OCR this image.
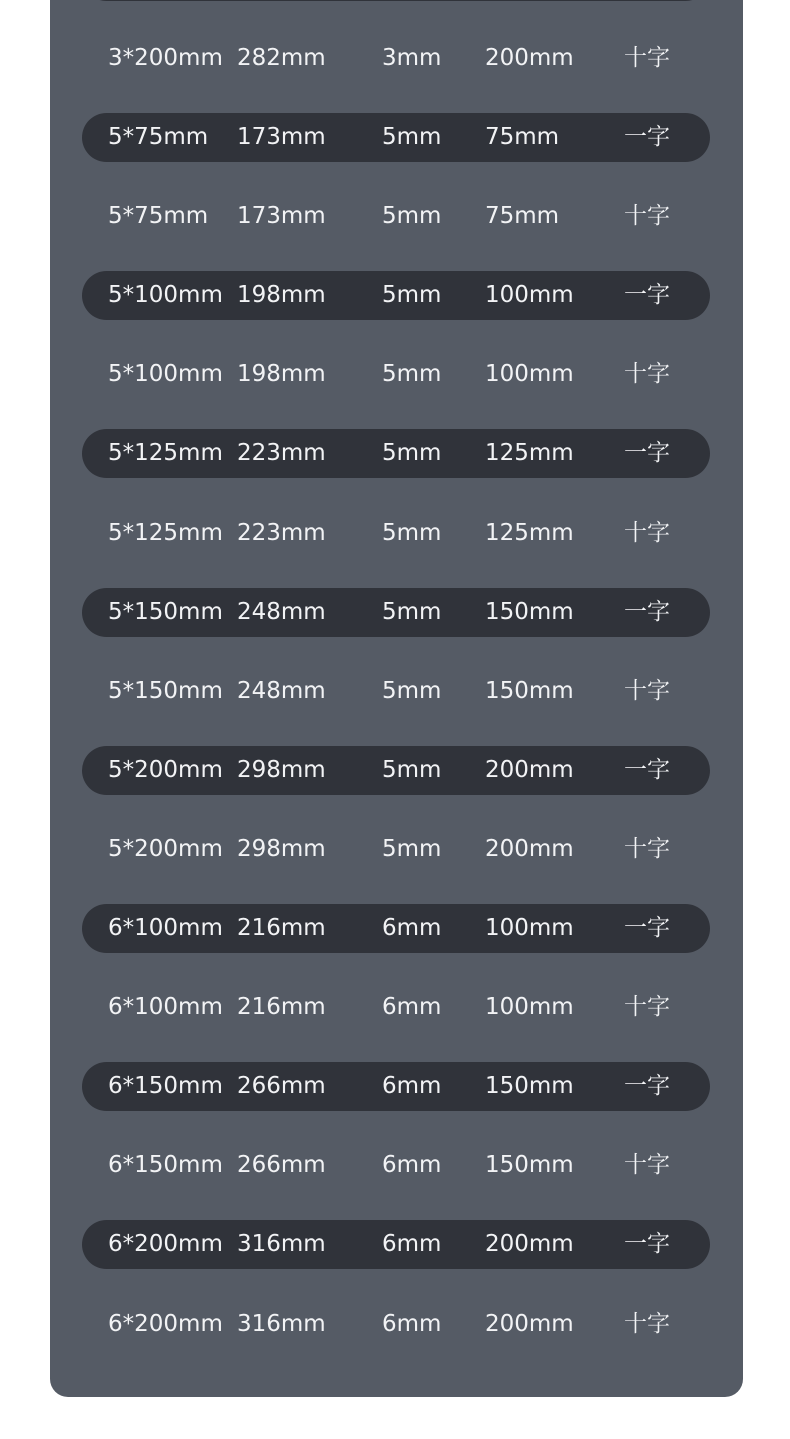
3*200mm 282mm 3mm 200mm 十字
5*75mm 173mm 5mm 75mm	一字
5*75mm 173mm 5mm 75mm	十字
5*100mm 198mm 5mm 100mm 一字
5*100mm 198mm 5mm 100mm 十字
5*125mm 223mm 5mm 125mm 一字
5*125mm 223mm 5mm 125mm 十字
5*150mm 248mm 5mm 150mm 一字
5*150mm 248mm 5mm 150mm 十字
5*200mm 298mm 5mm 200mm 一字
5*200mm 298mm 5mm 200mm 十字
6*100mm 216mm 6mm 100mm 一字
6*100mm 216mm 6mm 100mm 十字
6*150mm 266mm 6mm 150mm 一字
6*150mm 266mm 6mm 150mm 十字
6*200mm 316mm 6mm 200mm 一字
6*200mm 316mm 6mm 200mm 十字
